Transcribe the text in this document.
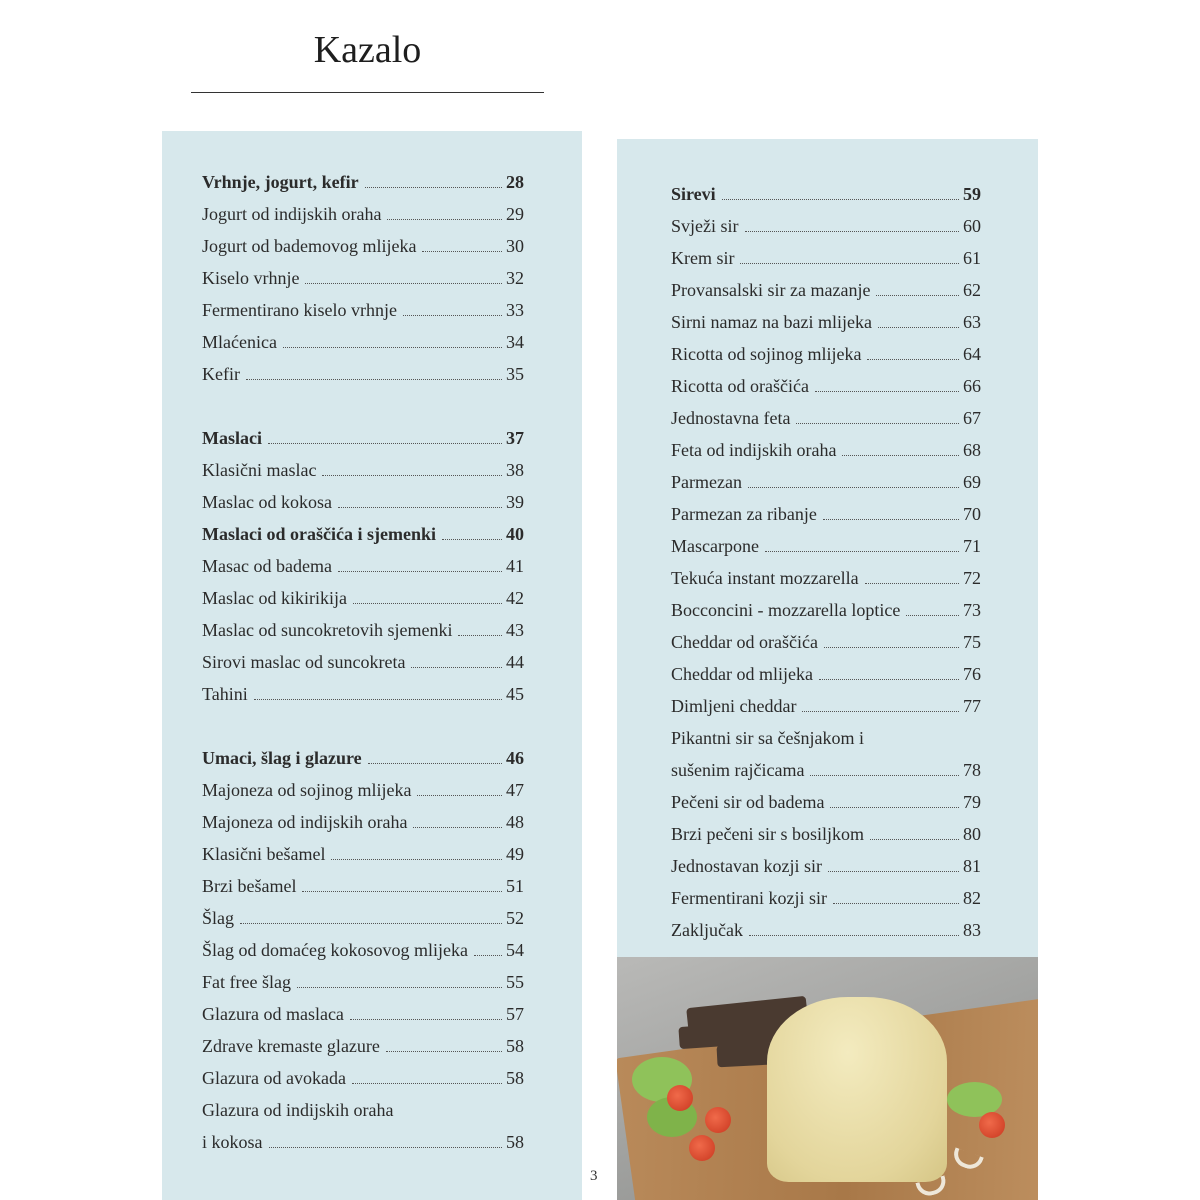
Kazalo
Vrhnje, jogurt, kefir	28
Jogurt od indijskih oraha	29
Jogurt od bademovog mlijeka	30
Kiselo vrhnje	32
Fermentirano kiselo vrhnje	33
Mlaćenica	34
Kefir	35
Maslaci	37
Klasični maslac	38
Maslac od kokosa	39
Maslaci od oraščića i sjemenki	40
Masac od badema	41
Maslac od kikirikija	42
Maslac od suncokretovih sjemenki	43
Sirovi maslac od suncokreta	44
Tahini	45
Umaci, šlag i glazure	46
Majoneza od sojinog mlijeka	47
Majoneza od indijskih oraha	48
Klasični bešamel	49
Brzi bešamel	51
Šlag	52
Šlag od domaćeg kokosovog mlijeka 54
Fat free šlag	55
Glazura od maslaca	57
Zdrave kremaste glazure	58
Glazura od avokada	58
Glazura od indijskih oraha
i kokosa	58
Sirevi	59
Svježi sir	60
Krem sir	61
Provansalski sir za mazanje	62
Sirni namaz na bazi mlijeka	63
Ricotta od sojinog mlijeka	64
Ricotta od oraščića	66
Jednostavna feta	67
Feta od indijskih oraha	68
Parmezan	69
Parmezan za ribanje	70
Mascarpone	71
Tekuća instant mozzarella	72
Bocconcini - mozzarella loptice	73
Cheddar od oraščića	75
Cheddar od mlijeka	76
Dimljeni cheddar	77
Pikantni sir sa češnjakom i
sušenim rajčicama	78
Pečeni sir od badema	79
Brzi pečeni sir s bosiljkom	80
Jednostavan kozji sir	81
Fermentirani kozji sir	82
Zaključak	83
3
